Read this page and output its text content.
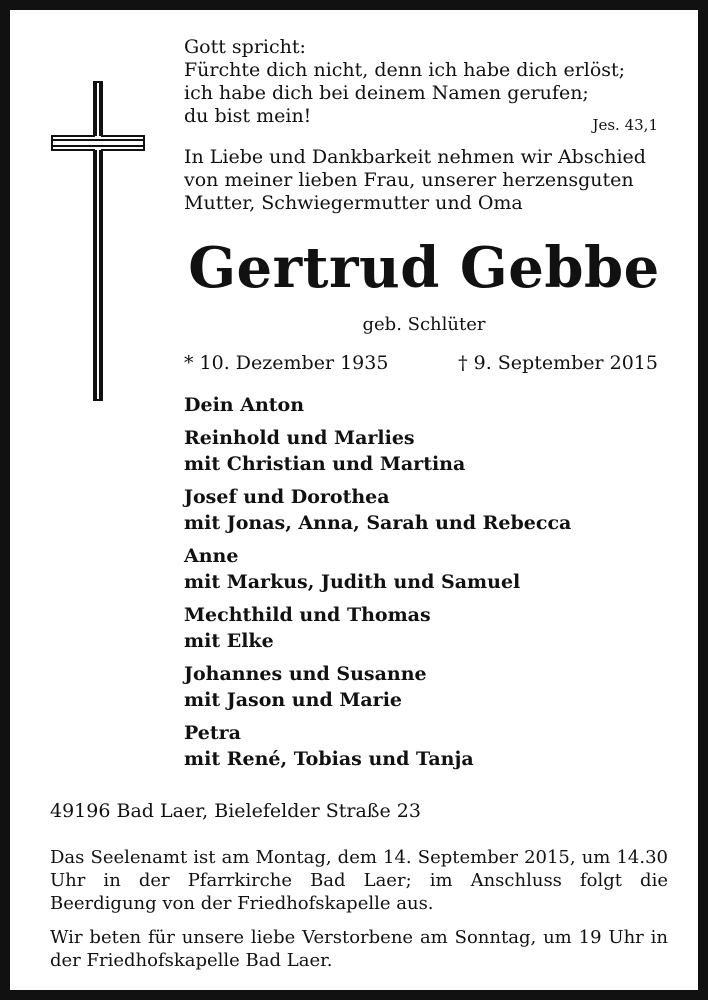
Gott spricht:
Fürchte dich nicht, denn ich habe dich erlöst;
ich habe dich bei deinem Namen gerufen;
du bist mein!	Jes. 43,1
In Liebe und Dankbarkeit nehmen wir Abschied
von meiner lieben Frau, unserer herzensguten
Mutter, Schwiegermutter und Oma
Gertrud Gebbe
geb. Schlüter
* 10. Dezember 1935	† 9. September 2015
Dein Anton
Reinhold und Marlies
mit Christian und Martina
Josef und Dorothea
mit Jonas, Anna, Sarah und Rebecca
Anne
mit Markus, Judith und Samuel
Mechthild und Thomas
mit Elke
Johannes und Susanne
mit Jason und Marie
Petra
mit René, Tobias und Tanja
49196 Bad Laer, Bielefelder Straße 23
Das Seelenamt ist am Montag, dem 14. September 2015, um 14.30 Uhr in der Pfarrkirche Bad Laer; im Anschluss folgt die Beerdigung von der Friedhofskapelle aus.
Wir beten für unsere liebe Verstorbene am Sonntag, um 19 Uhr in der Friedhofskapelle Bad Laer.
